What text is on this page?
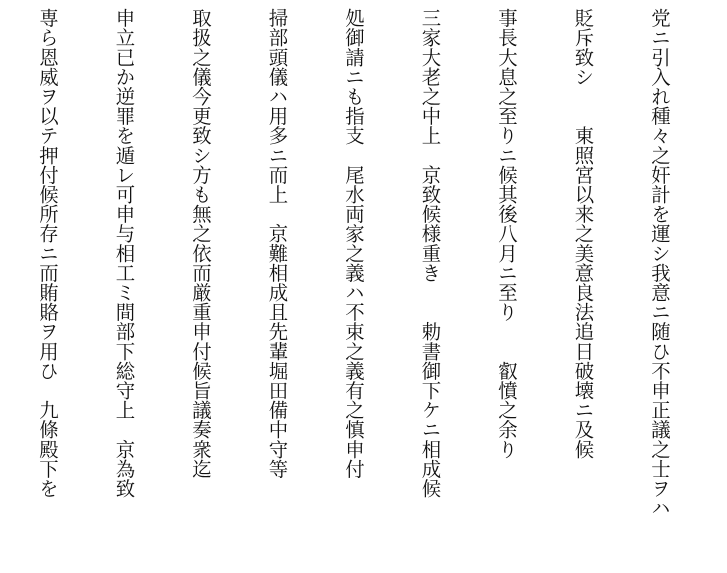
党ニ引入れ種々之奸計を運シ我意ニ随ひ不申正議之士ヲハ

貶斥致シ　　東照宮以来之美意良法追日破壊ニ及候

事長大息之至りニ候其後八月ニ至り　　叡憤之余り

三家大老之中上　京致候様重き　　勅書御下ケニ相成候

処御請ニも指支　尾水両家之義ハ不束之義有之慎申付

掃部頭儀ハ用多ニ而上　京難相成且先輩堀田備中守等

取扱之儀今更致シ方も無之依而厳重申付候旨議奏衆迄

申立已か逆罪を遁レ可申与相工ミ間部下総守上　京為致

専ら恩威ヲ以テ押付候所存ニ而賄賂ヲ用ひ　九條殿下を
